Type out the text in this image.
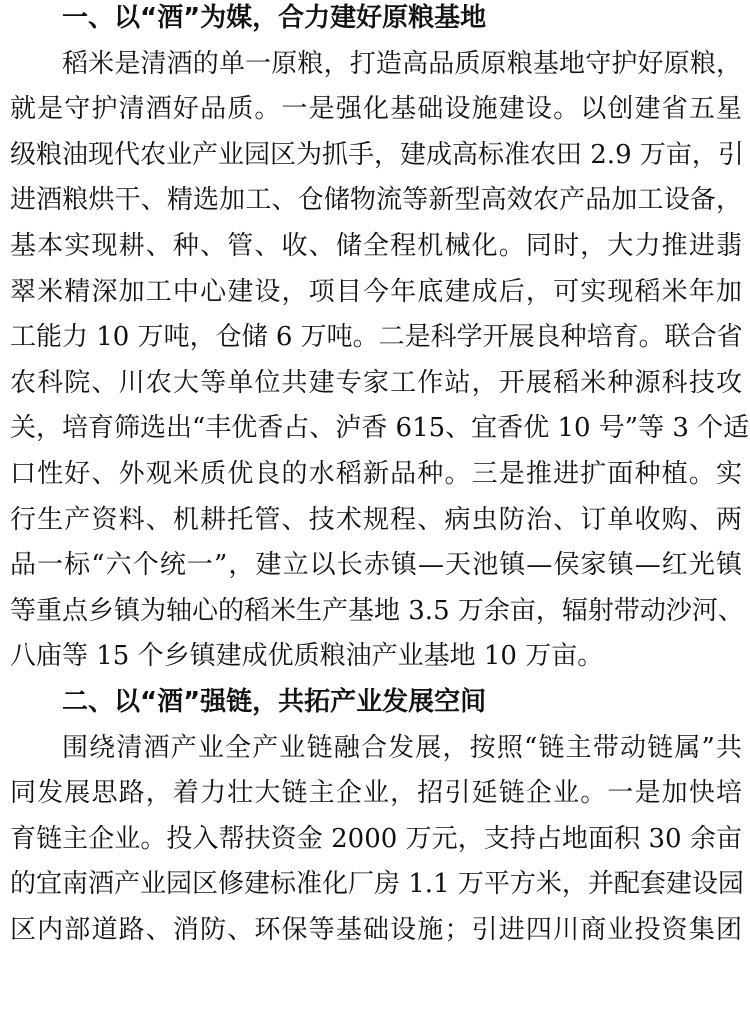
一、以“酒”为媒，合力建好原粮基地
稻米是清酒的单一原粮，打造高品质原粮基地守护好原粮，
就是守护清酒好品质。一是强化基础设施建设。以创建省五星
级粮油现代农业产业园区为抓手，建成高标准农田 2.9 万亩，引
进酒粮烘干、精选加工、仓储物流等新型高效农产品加工设备，
基本实现耕、种、管、收、储全程机械化。同时，大力推进翡
翠米精深加工中心建设，项目今年底建成后，可实现稻米年加
工能力 10 万吨，仓储 6 万吨。二是科学开展良种培育。联合省
农科院、川农大等单位共建专家工作站，开展稻米种源科技攻
关，培育筛选出“丰优香占、泸香 615、宜香优 10 号”等 3 个适
口性好、外观米质优良的水稻新品种。三是推进扩面种植。实
行生产资料、机耕托管、技术规程、病虫防治、订单收购、两
品一标“六个统一”，建立以长赤镇—天池镇—侯家镇—红光镇
等重点乡镇为轴心的稻米生产基地 3.5 万余亩，辐射带动沙河、
八庙等 15 个乡镇建成优质粮油产业基地 10 万亩。
二、以“酒”强链，共拓产业发展空间
围绕清酒产业全产业链融合发展，按照“链主带动链属”共
同发展思路，着力壮大链主企业，招引延链企业。一是加快培
育链主企业。投入帮扶资金 2000 万元，支持占地面积 30 余亩
的宜南酒产业园区修建标准化厂房 1.1 万平方米，并配套建设园
区内部道路、消防、环保等基础设施；引进四川商业投资集团
